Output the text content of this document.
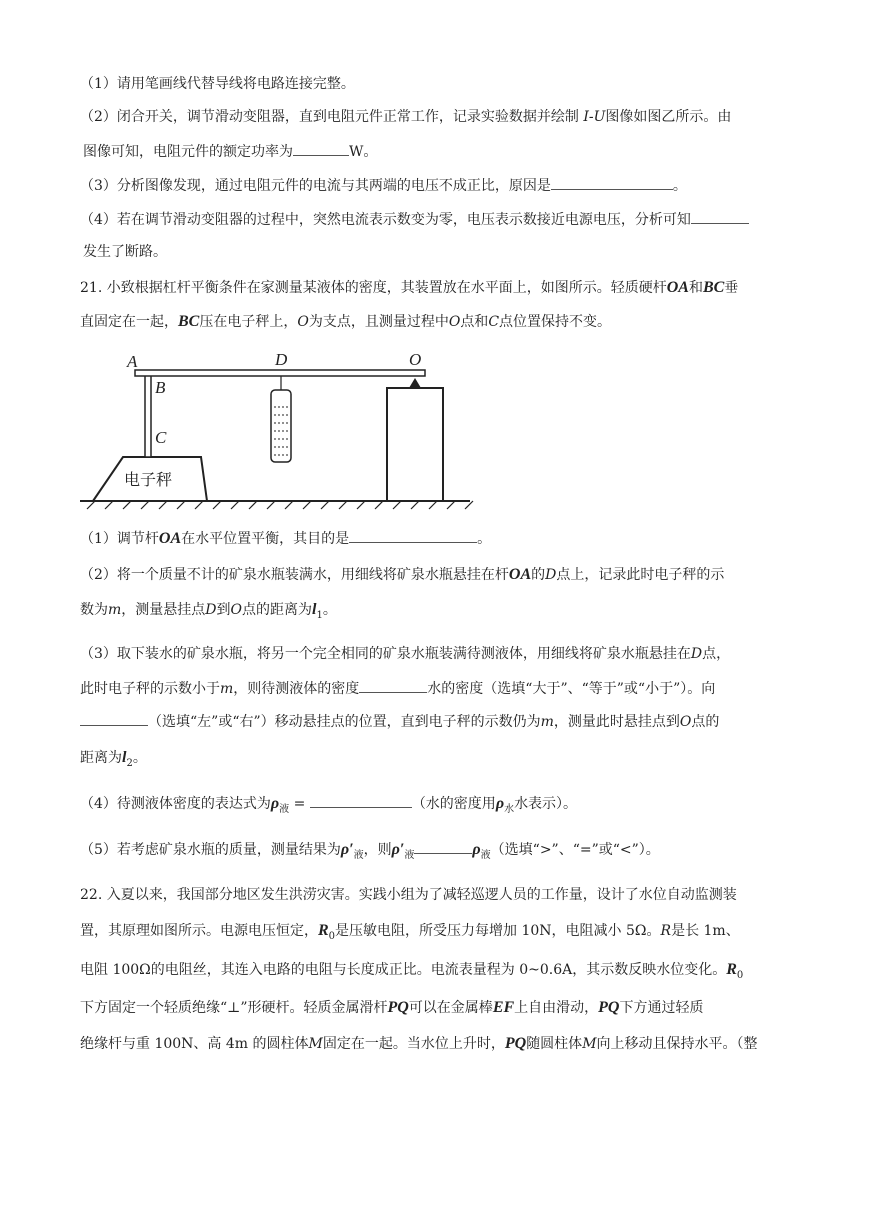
（1）请用笔画线代替导线将电路连接完整。
（2）闭合开关，调节滑动变阻器，直到电阻元件正常工作，记录实验数据并绘制 I-U图像如图乙所示。由
图像可知，电阻元件的额定功率为	W。
（3）分析图像发现，通过电阻元件的电流与其两端的电压不成正比，原因是	。
（4）若在调节滑动变阻器的过程中，突然电流表示数变为零，电压表示数接近电源电压，分析可知
发生了断路。
21. 小致根据杠杆平衡条件在家测量某液体的密度，其装置放在水平面上，如图所示。轻质硬杆OA和BC垂
直固定在一起，BC压在电子秤上，O为支点，且测量过程中O点和C点位置保持不变。
电子秤
A
B
C
D	O
（1）调节杆OA在水平位置平衡，其目的是	。
（2）将一个质量不计的矿泉水瓶装满水，用细线将矿泉水瓶悬挂在杆OA的D点上，记录此时电子秤的示
数为m，测量悬挂点D到O点的距离为$l_1$。
（3）取下装水的矿泉水瓶，将另一个完全相同的矿泉水瓶装满待测液体，用细线将矿泉水瓶悬挂在D点，
此时电子秤的示数小于m，则待测液体的密度	水的密度（选填“大于”、“等于”或“小于”）。向
（选填“左”或“右”）移动悬挂点的位置，直到电子秤的示数仍为m，测量此时悬挂点到O点的
距离为$l_2$。
（4）待测液体密度的表达式为$\rho_液$ =	（水的密度用$\rho_水$水表示）。
（5）若考虑矿泉水瓶的质量，测量结果为$\rho'_液$，则$\rho'_液$	$\rho_液$（选填“>”、“=”或“<”）。
22. 入夏以来，我国部分地区发生洪涝灾害。实践小组为了减轻巡逻人员的工作量，设计了水位自动监测装
置，其原理如图所示。电源电压恒定，$R_0$是压敏电阻，所受压力每增加 10N，电阻减小 5Ω。R是长 1m、
电阻 100Ω的电阻丝，其连入电路的电阻与长度成正比。电流表量程为 0~0.6A，其示数反映水位变化。$R_0$
下方固定一个轻质绝缘“⊥”形硬杆。轻质金属滑杆PQ可以在金属棒EF上自由滑动，PQ下方通过轻质
绝缘杆与重 100N、高 4m 的圆柱体M固定在一起。当水位上升时，PQ随圆柱体M向上移动且保持水平。（整
